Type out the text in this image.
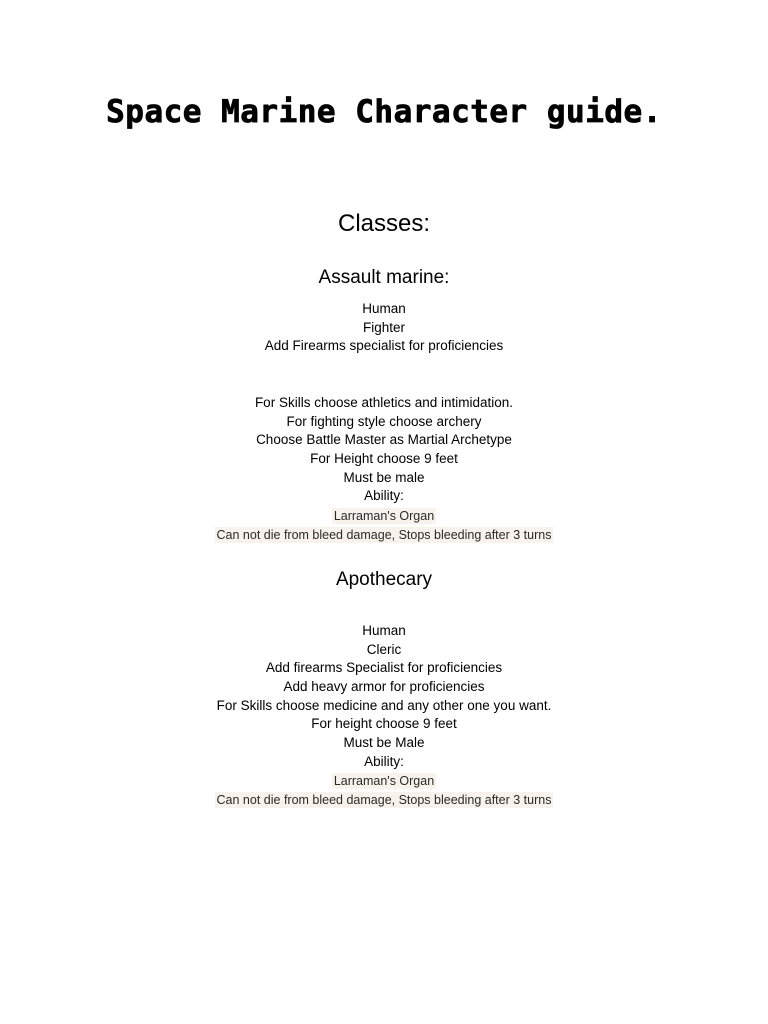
Space Marine Character guide.
Classes:
Assault marine:
Human
Fighter
Add Firearms specialist for proficiencies
For Skills choose athletics and intimidation.
For fighting style choose archery
Choose Battle Master as Martial Archetype
For Height choose 9 feet
Must be male
Ability:
Larraman's Organ
Can not die from bleed damage, Stops bleeding after 3 turns
Apothecary
Human
Cleric
Add firearms Specialist for proficiencies
Add heavy armor for proficiencies
For Skills choose medicine and any other one you want.
For height choose 9 feet
Must be Male
Ability:
Larraman's Organ
Can not die from bleed damage, Stops bleeding after 3 turns
